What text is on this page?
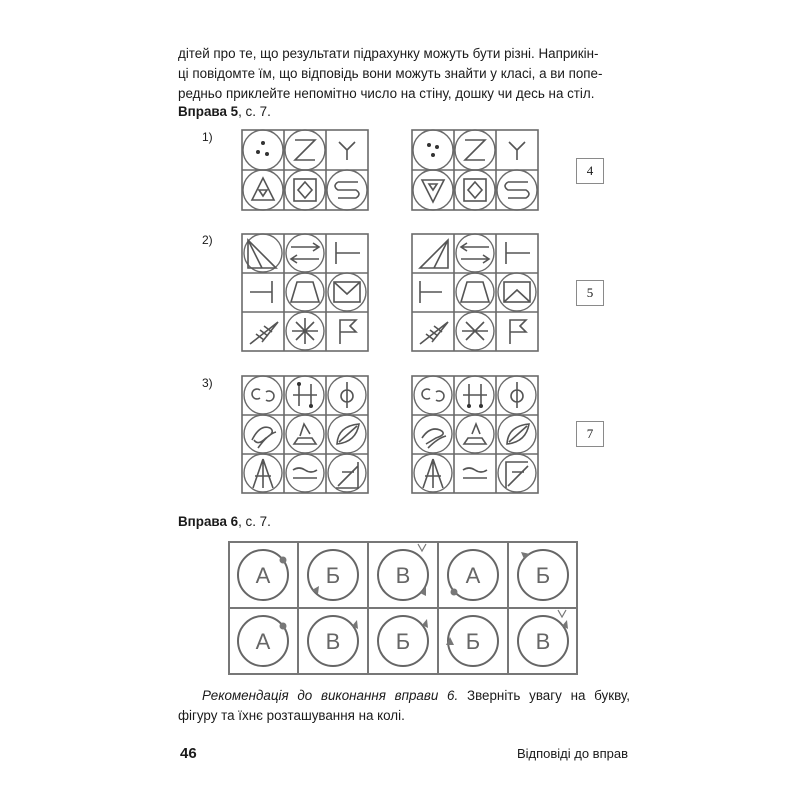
дітей про те, що результати підрахунку можуть бути різні. Наприкін-
ці повідомте їм, що відповідь вони можуть знайти у класі, а ви попе-
редньо приклейте непомітно число на стіну, дошку чи десь на стіл.
Вправа 5, с. 7.
1)
4
2)
5
3)
7
Вправа 6, с. 7.
А	Б	В	А	Б
А	В	Б	Б	В
Рекомендація до виконання вправи 6. Зверніть увагу на букву, фігуру та їхнє розташування на колі.
46	Відповіді до вправ
